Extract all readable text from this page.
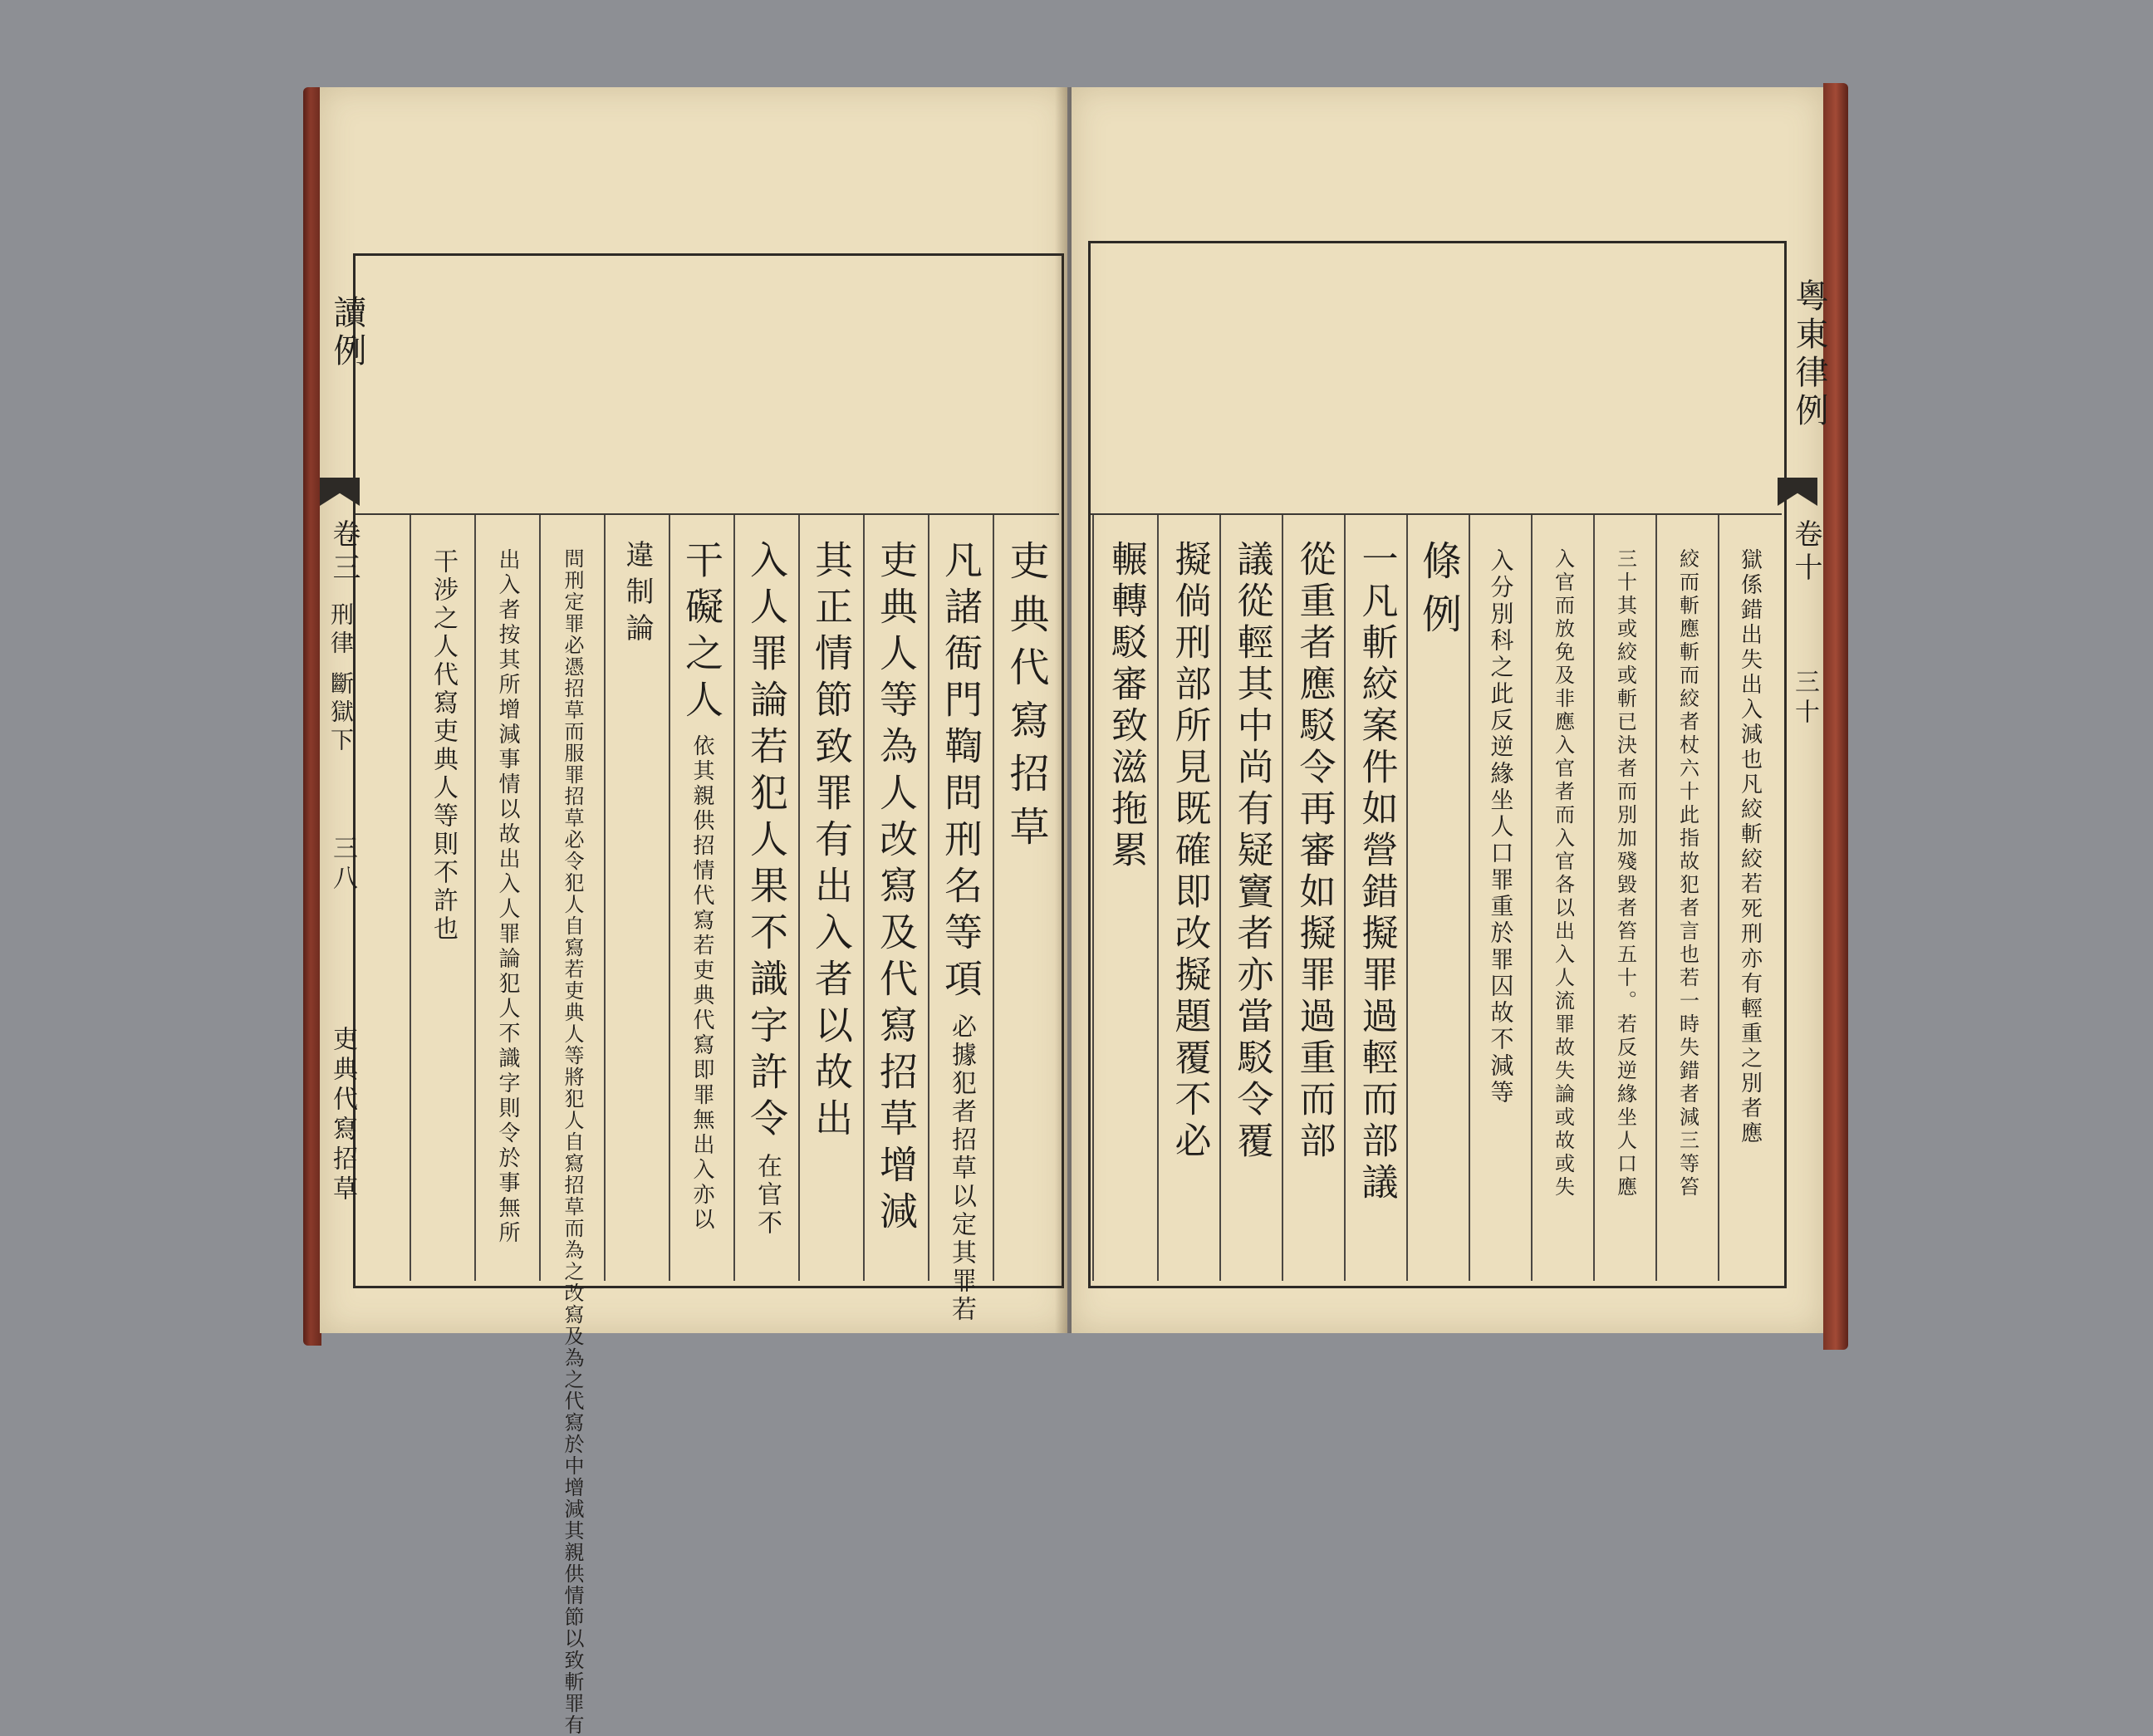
讀例
卷三
刑律 斷獄下
三八
吏典代寫招草
吏典代寫招草
凡諸衙門鞫問刑名等項
必據犯者招草以定其罪若
吏典人等為人改寫及代寫招草增減
其正情節致罪有出入者以故出
入人罪論若犯人果不識字許令
在官不
干礙之人
依其親供招情代寫若吏典代寫即罪無出入亦以
違制論
問刑定罪必憑招草而服罪招草必令犯人自寫若吏典人等將犯人自寫招草而為之改寫及為之代寫於中增減其親供情節以致斬罪有
出入者按其所增減事情以故出入人罪論犯人不識字則令於事無所
干涉之人代寫吏典人等則不許也
粵東律例
卷十
三十
獄係錯出失出入減也凡絞斬絞若死刑亦有輕重之別者應
絞而斬應斬而絞者杖六十此指故犯者言也若一時失錯者減三等笞
三十其或絞或斬已決者而別加殘毀者笞五十。若反逆緣坐人口應
入官而放免及非應入官者而入官各以出入人流罪故失論或故或失
入分別科之此反逆緣坐人口罪重於罪囚故不減等
條例
一凡斬絞案件如營錯擬罪過輕而部議
從重者應駁令再審如擬罪過重而部
議從輕其中尚有疑竇者亦當駁令覆
擬倘刑部所見既確即改擬題覆不必
輾轉駁審致滋拖累
